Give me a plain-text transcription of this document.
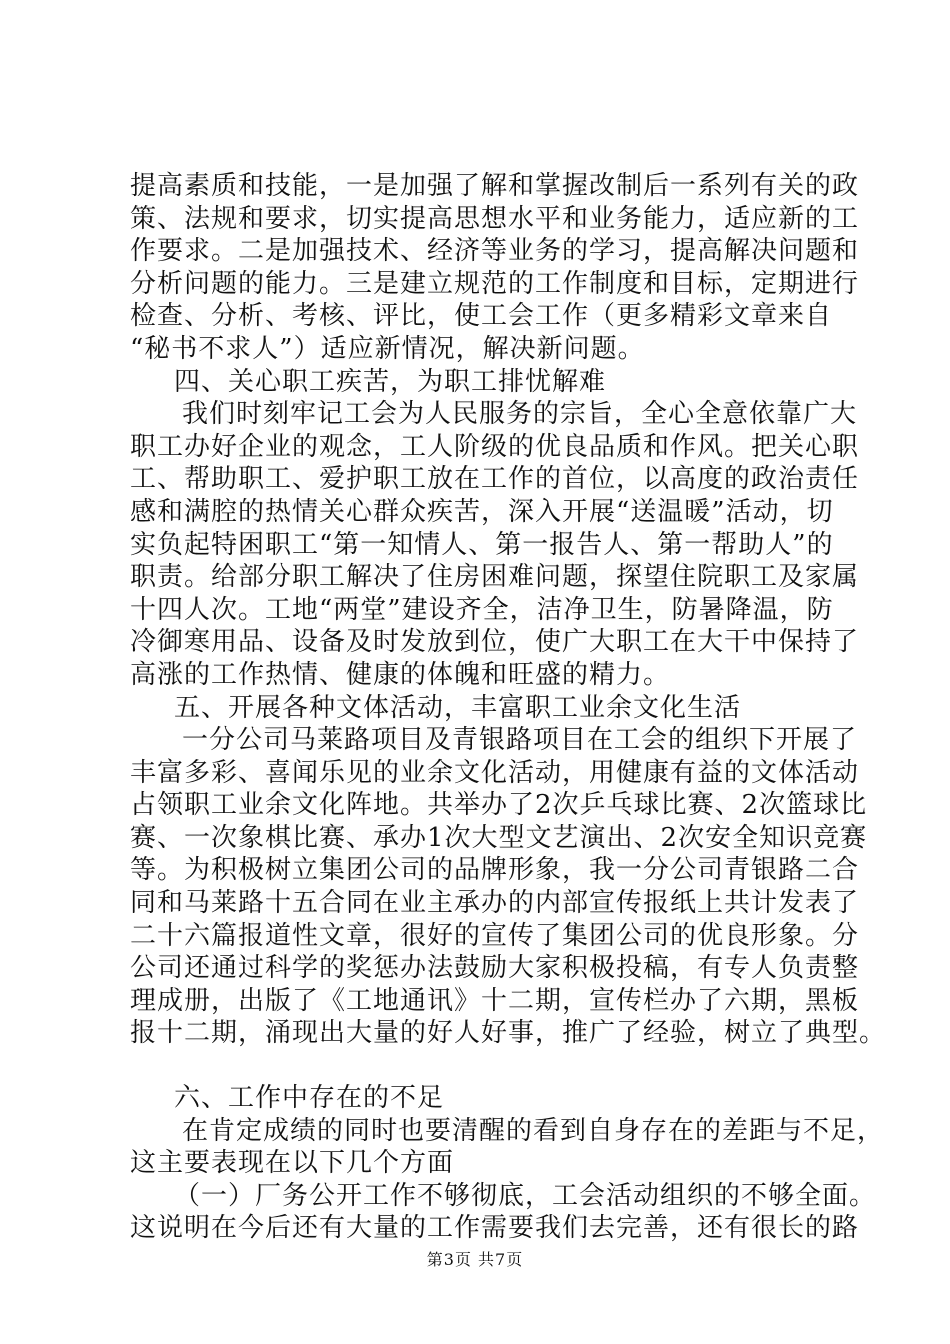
提高素质和技能，一是加强了解和掌握改制后一系列有关的政
策、法规和要求，切实提高思想水平和业务能力，适应新的工
作要求。二是加强技术、经济等业务的学习，提高解决问题和
分析问题的能力。三是建立规范的工作制度和目标，定期进行
检查、分析、考核、评比，使工会工作（更多精彩文章来自
“秘书不求人”）适应新情况，解决新问题。
四、关心职工疾苦，为职工排忧解难
我们时刻牢记工会为人民服务的宗旨，全心全意依靠广大
职工办好企业的观念，工人阶级的优良品质和作风。把关心职
工、帮助职工、爱护职工放在工作的首位，以高度的政治责任
感和满腔的热情关心群众疾苦，深入开展“送温暖”活动，切
实负起特困职工“第一知情人、第一报告人、第一帮助人”的
职责。给部分职工解决了住房困难问题，探望住院职工及家属
十四人次。工地“两堂”建设齐全，洁净卫生，防暑降温，防
冷御寒用品、设备及时发放到位，使广大职工在大干中保持了
高涨的工作热情、健康的体魄和旺盛的精力。
五、开展各种文体活动，丰富职工业余文化生活
一分公司马莱路项目及青银路项目在工会的组织下开展了
丰富多彩、喜闻乐见的业余文化活动，用健康有益的文体活动
占领职工业余文化阵地。共举办了2次乒乓球比赛、2次篮球比
赛、一次象棋比赛、承办1次大型文艺演出、2次安全知识竞赛
等。为积极树立集团公司的品牌形象，我一分公司青银路二合
同和马莱路十五合同在业主承办的内部宣传报纸上共计发表了
二十六篇报道性文章，很好的宣传了集团公司的优良形象。分
公司还通过科学的奖惩办法鼓励大家积极投稿，有专人负责整
理成册，出版了《工地通讯》十二期，宣传栏办了六期，黑板
报十二期，涌现出大量的好人好事，推广了经验，树立了典型。
六、工作中存在的不足
在肯定成绩的同时也要清醒的看到自身存在的差距与不足，
这主要表现在以下几个方面
（一）厂务公开工作不够彻底，工会活动组织的不够全面。
这说明在今后还有大量的工作需要我们去完善，还有很长的路
第3页 共7页
